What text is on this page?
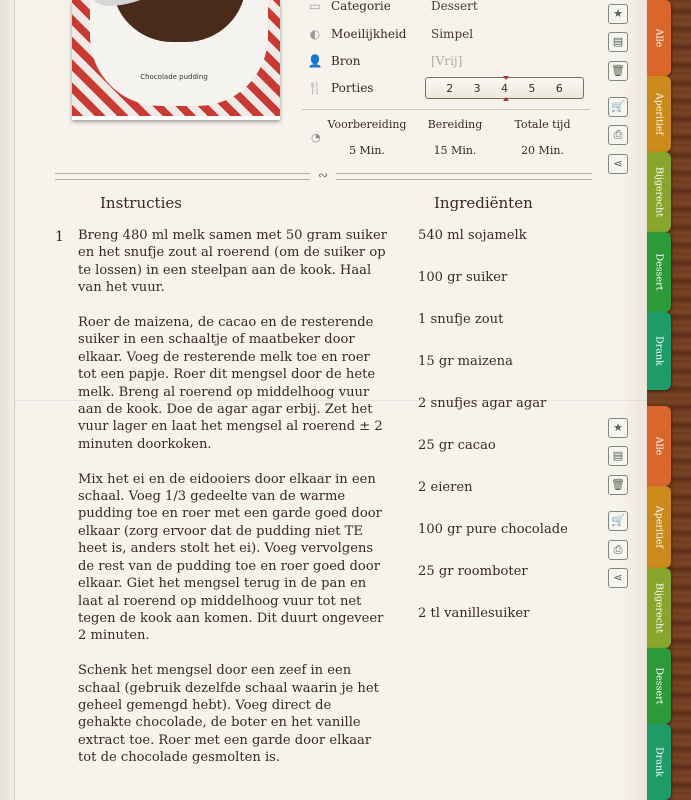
Chocolade pudding
▭ Categorie	Dessert
◐ Moeilijkheid	Simpel
👤 Bron	[Vrij]
🍴 Porties	2	3	4	5	6
◔
Voorbereiding	Bereiding	Totale tijd
5 Min.	15 Min.	20 Min.
∾
Instructies	Ingrediënten
1 Breng 480 ml melk samen met 50 gram suiker en het snufje zout al roerend (om de suiker op te lossen) in een steelpan aan de kook. Haal van het vuur.

Roer de maizena, de cacao en de resterende suiker in een schaaltje of maatbeker door elkaar. Voeg de resterende melk toe en roer tot een papje. Roer dit mengsel door de hete melk. Breng al roerend op middelhoog vuur aan de kook. Doe de agar agar erbij. Zet het vuur lager en laat het mengsel al roerend ± 2 minuten doorkoken.

Mix het ei en de eidooiers door elkaar in een schaal. Voeg 1/3 gedeelte van de warme pudding toe en roer met een garde goed door elkaar (zorg ervoor dat de pudding niet TE heet is, anders stolt het ei). Voeg vervolgens de rest van de pudding toe en roer goed door elkaar. Giet het mengsel terug in de pan en laat al roerend op middelhoog vuur tot net tegen de kook aan komen. Dit duurt ongeveer 2 minuten.

Schenk het mengsel door een zeef in een schaal (gebruik dezelfde schaal waarin je het geheel gemengd hebt). Voeg direct de gehakte chocolade, de boter en het vanille extract toe. Roer met een garde door elkaar tot de chocolade gesmolten is.

540 ml sojamelk
100 gr suiker
1 snufje zout
15 gr maizena
2 snufjes agar agar
25 gr cacao
2 eieren
100 gr pure chocolade
25 gr roomboter
2 tl vanillesuiker
★
▤
🗑
🛒
⎙
⋖
★
▤
🗑
🛒
⎙
⋖
Alle
Aperitief
Bijgerecht
Dessert
Drank
Alle
Aperitief
Bijgerecht
Dessert
Drank
